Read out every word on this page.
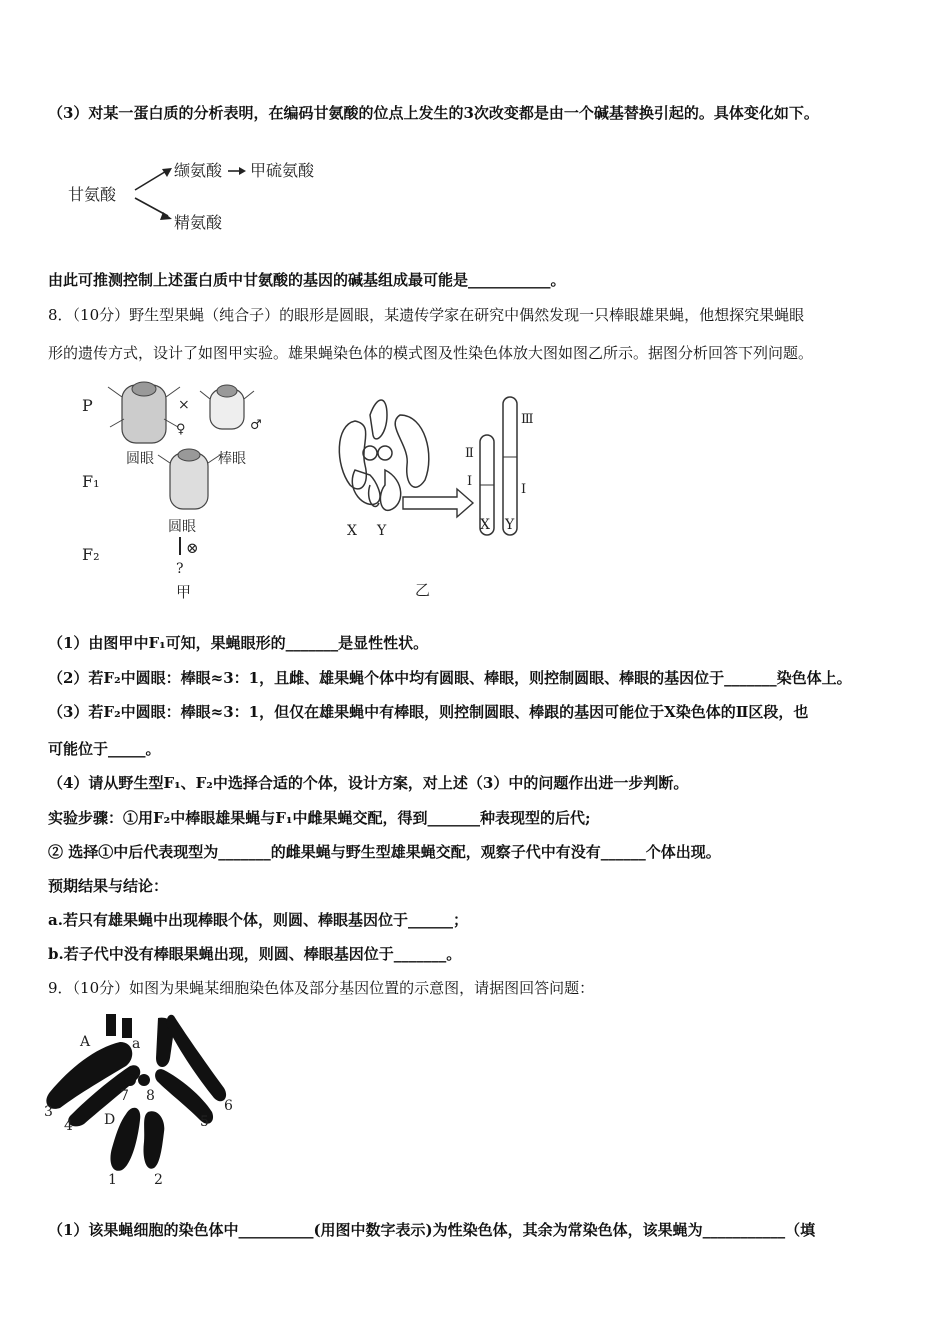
（3）对某一蛋白质的分析表明，在编码甘氨酸的位点上发生的3次改变都是由一个碱基替换引起的。具体变化如下。
甘氨酸
缬氨酸 甲硫氨酸
精氨酸
由此可推测控制上述蛋白质中甘氨酸的基因的碱基组成最可能是___________。
8．（10分）野生型果蝇（纯合子）的眼形是圆眼，某遗传学家在研究中偶然发现一只棒眼雄果蝇，他想探究果蝇眼
形的遗传方式，设计了如图甲实验。雄果蝇染色体的模式图及性染色体放大图如图乙所示。据图分析回答下列问题。
P
F₁
F₂
×
♀	♂
圆眼	棒眼
圆眼
⊗
?
甲
X Y
Ⅱ
I
Ⅲ
I
X Y
乙
（1）由图甲中F₁可知，果蝇眼形的_______是显性性状。
（2）若F₂中圆眼：棒眼≈3：1，且雌、雄果蝇个体中均有圆眼、棒眼，则控制圆眼、棒眼的基因位于_______染色体上。
（3）若F₂中圆眼：棒眼≈3：1，但仅在雄果蝇中有棒眼，则控制圆眼、棒跟的基因可能位于X染色体的Ⅱ区段，也
可能位于_____。
（4）请从野生型F₁、F₂中选择合适的个体，设计方案，对上述（3）中的问题作出进一步判断。
实验步骤：①用F₂中棒眼雄果蝇与F₁中雌果蝇交配，得到_______种表现型的后代;
② 选择①中后代表现型为_______的雌果蝇与野生型雄果蝇交配，观察子代中有没有______个体出现。
预期结果与结论：
a.若只有雄果蝇中出现棒眼个体，则圆、棒眼基因位于______；
b.若子代中没有棒眼果蝇出现，则圆、棒眼基因位于_______。
9．（10分）如图为果蝇某细胞染色体及部分基因位置的示意图，请据图回答问题：
A	a
7 8
3
4	5
6
D
1	2
（1）该果蝇细胞的染色体中__________(用图中数字表示)为性染色体，其余为常染色体，该果蝇为___________（填
